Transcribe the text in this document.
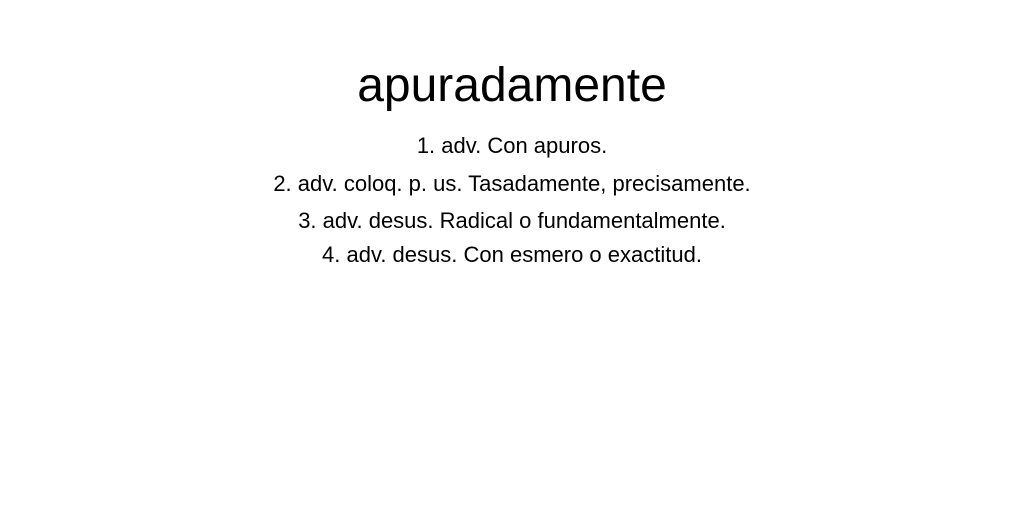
apuradamente
1. adv. Con apuros.
2. adv. coloq. p. us. Tasadamente, precisamente.
3. adv. desus. Radical o fundamentalmente.
4. adv. desus. Con esmero o exactitud.
